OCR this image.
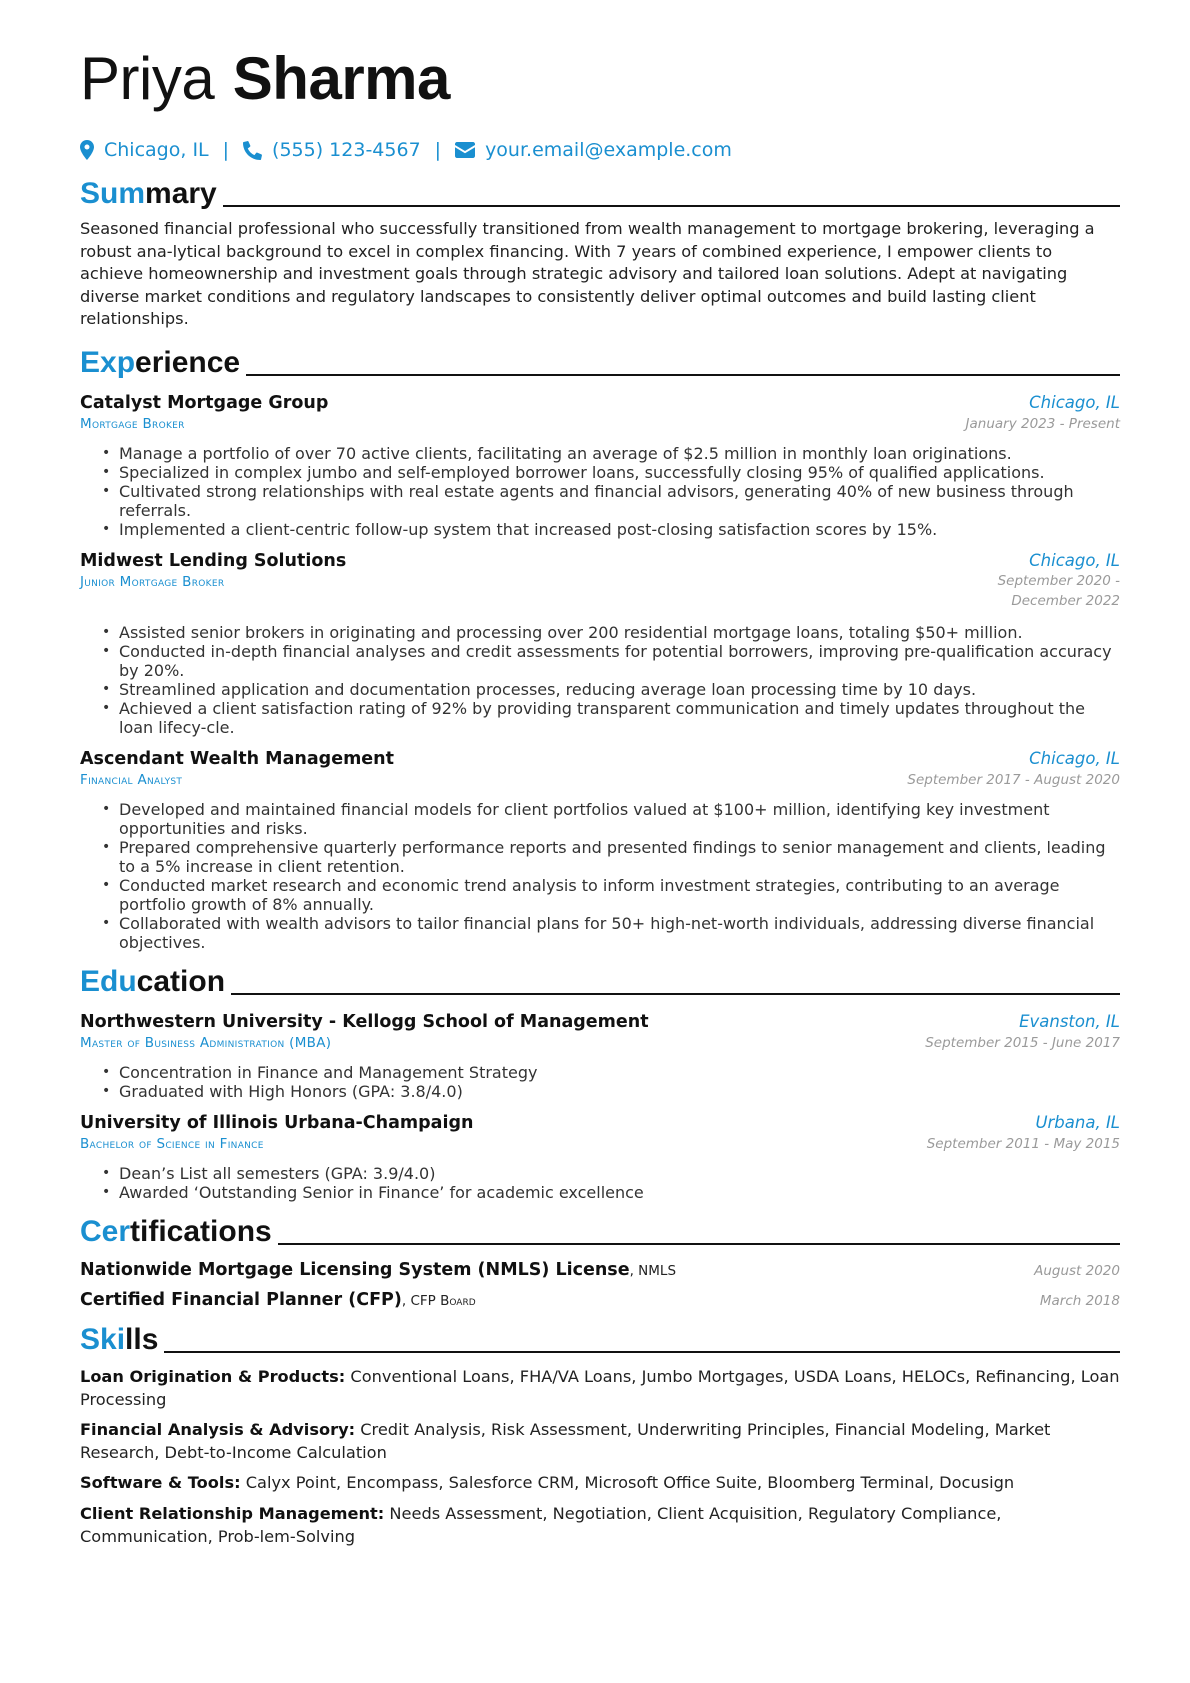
Priya Sharma
Chicago, IL | (555) 123-4567 | your.email@example.com
Summary
Seasoned financial professional who successfully transitioned from wealth management to mortgage brokering, leveraging a robust ana-lytical background to excel in complex financing. With 7 years of combined experience, I empower clients to achieve homeownership and investment goals through strategic advisory and tailored loan solutions. Adept at navigating diverse market conditions and regulatory landscapes to consistently deliver optimal outcomes and build lasting client relationships.
Experience
Catalyst Mortgage Group	Chicago, IL
Mortgage Broker	January 2023 - Present
• Manage a portfolio of over 70 active clients, facilitating an average of $2.5 million in monthly loan originations.
• Specialized in complex jumbo and self-employed borrower loans, successfully closing 95% of qualified applications.
• Cultivated strong relationships with real estate agents and financial advisors, generating 40% of new business through referrals.
• Implemented a client-centric follow-up system that increased post-closing satisfaction scores by 15%.
Midwest Lending Solutions	Chicago, IL
Junior Mortgage Broker	September 2020 - December 2022
• Assisted senior brokers in originating and processing over 200 residential mortgage loans, totaling $50+ million.
• Conducted in-depth financial analyses and credit assessments for potential borrowers, improving pre-qualification accuracy by 20%.
• Streamlined application and documentation processes, reducing average loan processing time by 10 days.
• Achieved a client satisfaction rating of 92% by providing transparent communication and timely updates throughout the loan lifecy-cle.
Ascendant Wealth Management	Chicago, IL
Financial Analyst	September 2017 - August 2020
• Developed and maintained financial models for client portfolios valued at $100+ million, identifying key investment opportunities and risks.
• Prepared comprehensive quarterly performance reports and presented findings to senior management and clients, leading to a 5% increase in client retention.
• Conducted market research and economic trend analysis to inform investment strategies, contributing to an average portfolio growth of 8% annually.
• Collaborated with wealth advisors to tailor financial plans for 50+ high-net-worth individuals, addressing diverse financial objectives.
Education
Northwestern University - Kellogg School of Management	Evanston, IL
Master of Business Administration (MBA)	September 2015 - June 2017
• Concentration in Finance and Management Strategy
• Graduated with High Honors (GPA: 3.8/4.0)
University of Illinois Urbana-Champaign	Urbana, IL
Bachelor of Science in Finance	September 2011 - May 2015
• Dean’s List all semesters (GPA: 3.9/4.0)
• Awarded ‘Outstanding Senior in Finance’ for academic excellence
Certifications
Nationwide Mortgage Licensing System (NMLS) License, NMLS	August 2020
Certified Financial Planner (CFP), CFP Board	March 2018
Skills
Loan Origination & Products: Conventional Loans, FHA/VA Loans, Jumbo Mortgages, USDA Loans, HELOCs, Refinancing, Loan Processing
Financial Analysis & Advisory: Credit Analysis, Risk Assessment, Underwriting Principles, Financial Modeling, Market Research, Debt-to-Income Calculation
Software & Tools: Calyx Point, Encompass, Salesforce CRM, Microsoft Office Suite, Bloomberg Terminal, Docusign
Client Relationship Management: Needs Assessment, Negotiation, Client Acquisition, Regulatory Compliance, Communication, Prob-lem-Solving
